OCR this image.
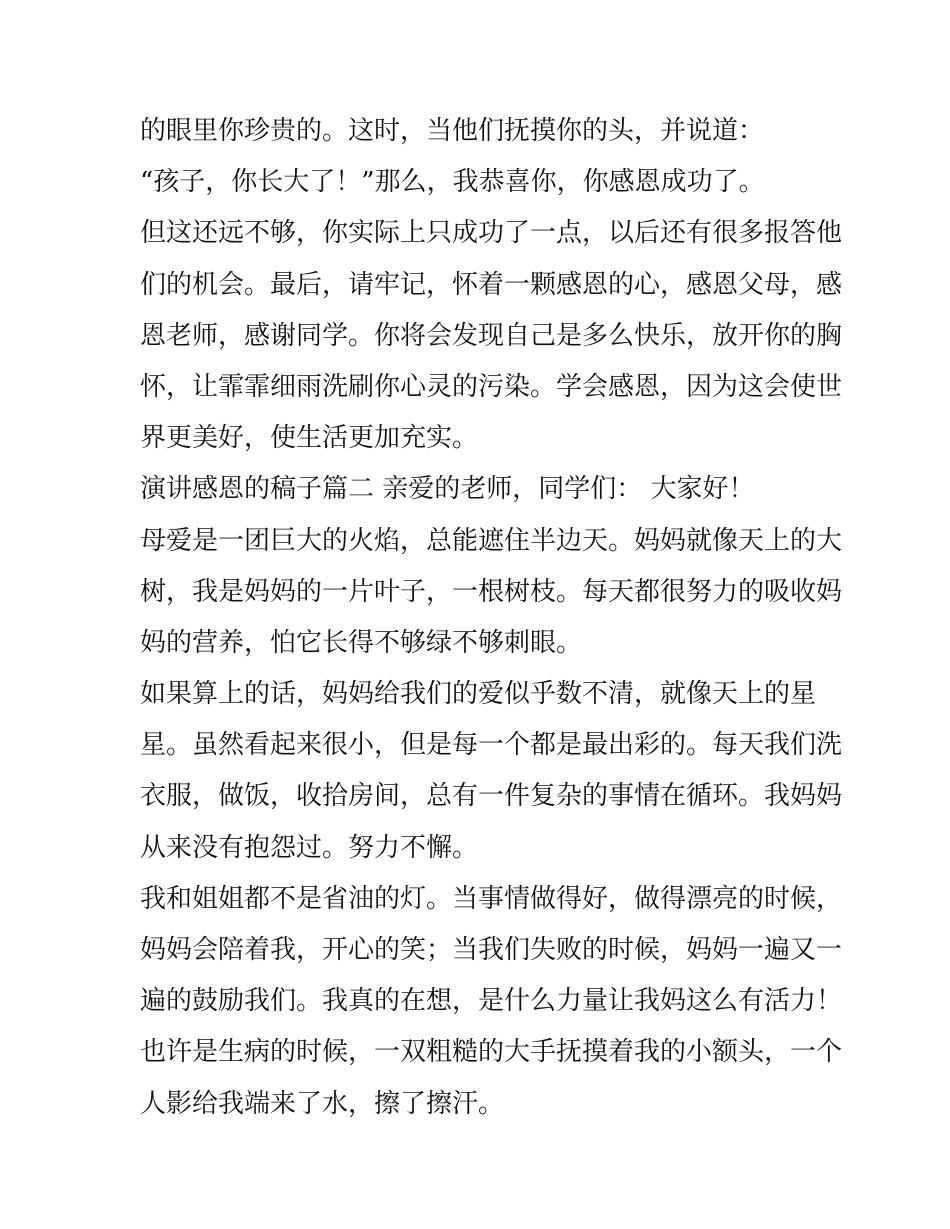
的眼里你珍贵的。这时，当他们抚摸你的头，并说道：
“孩子，你长大了！”那么，我恭喜你，你感恩成功了。
但这还远不够，你实际上只成功了一点，以后还有很多报答他
们的机会。最后，请牢记，怀着一颗感恩的心，感恩父母，感
恩老师，感谢同学。你将会发现自己是多么快乐，放开你的胸
怀，让霏霏细雨洗刷你心灵的污染。学会感恩，因为这会使世
界更美好，使生活更加充实。
演讲感恩的稿子篇二 亲爱的老师，同学们： 大家好！
母爱是一团巨大的火焰，总能遮住半边天。妈妈就像天上的大
树，我是妈妈的一片叶子，一根树枝。每天都很努力的吸收妈
妈的营养，怕它长得不够绿不够刺眼。
如果算上的话，妈妈给我们的爱似乎数不清，就像天上的星
星。虽然看起来很小，但是每一个都是最出彩的。每天我们洗
衣服，做饭，收拾房间，总有一件复杂的事情在循环。我妈妈
从来没有抱怨过。努力不懈。
我和姐姐都不是省油的灯。当事情做得好，做得漂亮的时候，
妈妈会陪着我，开心的笑；当我们失败的时候，妈妈一遍又一
遍的鼓励我们。我真的在想，是什么力量让我妈这么有活力！
也许是生病的时候，一双粗糙的大手抚摸着我的小额头，一个
人影给我端来了水，擦了擦汗。
